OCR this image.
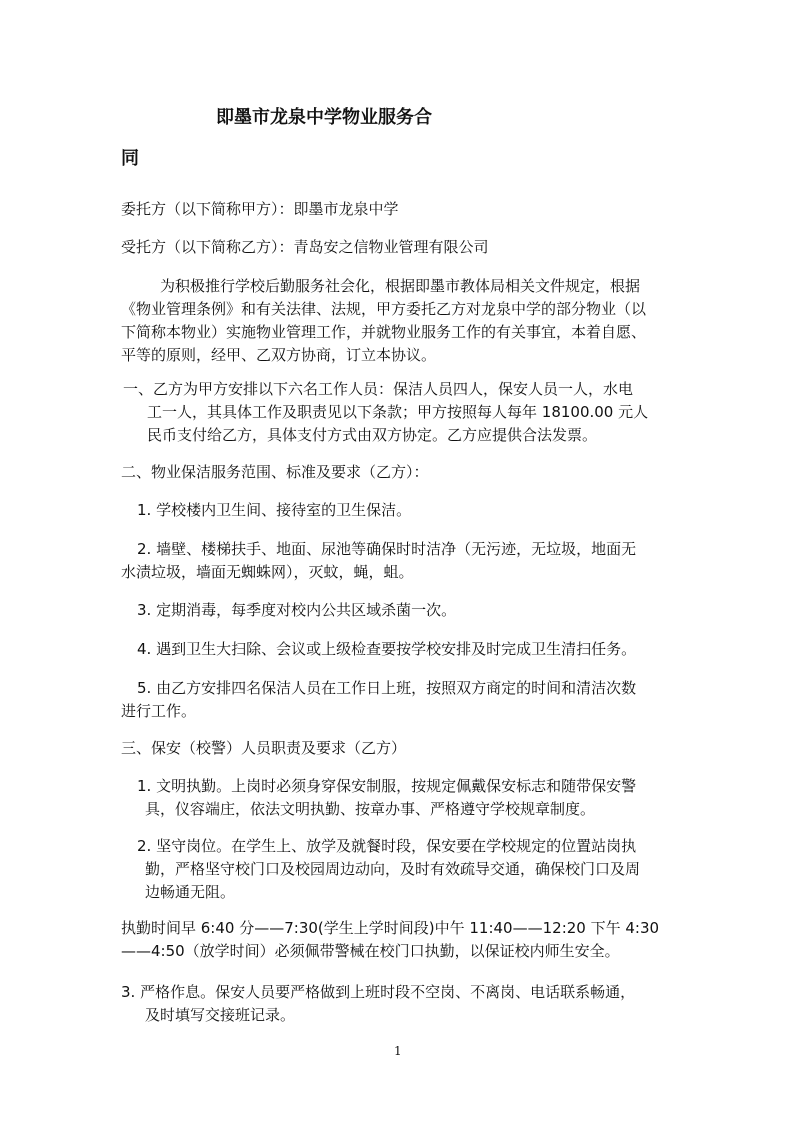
即墨市龙泉中学物业服务合
同
委托方（以下简称甲方）：即墨市龙泉中学
受托方（以下简称乙方）：青岛安之信物业管理有限公司
为积极推行学校后勤服务社会化，根据即墨市教体局相关文件规定，根据
《物业管理条例》和有关法律、法规，甲方委托乙方对龙泉中学的部分物业（以
下简称本物业）实施物业管理工作，并就物业服务工作的有关事宜，本着自愿、
平等的原则，经甲、乙双方协商，订立本协议。
一、乙方为甲方安排以下六名工作人员：保洁人员四人，保安人员一人，水电
工一人，其具体工作及职责见以下条款；甲方按照每人每年 18100.00 元人
民币支付给乙方，具体支付方式由双方协定。乙方应提供合法发票。
二、物业保洁服务范围、标准及要求（乙方）：
1. 学校楼内卫生间、接待室的卫生保洁。
2. 墙壁、楼梯扶手、地面、尿池等确保时时洁净（无污迹，无垃圾，地面无
水渍垃圾，墙面无蜘蛛网），灭蚊，蝇，蛆。
3. 定期消毒，每季度对校内公共区域杀菌一次。
4. 遇到卫生大扫除、会议或上级检查要按学校安排及时完成卫生清扫任务。
5. 由乙方安排四名保洁人员在工作日上班，按照双方商定的时间和清洁次数
进行工作。
三、保安（校警）人员职责及要求（乙方）
1. 文明执勤。上岗时必须身穿保安制服，按规定佩戴保安标志和随带保安警
具，仪容端庄，依法文明执勤、按章办事、严格遵守学校规章制度。
2. 坚守岗位。在学生上、放学及就餐时段，保安要在学校规定的位置站岗执
勤，严格坚守校门口及校园周边动向，及时有效疏导交通，确保校门口及周
边畅通无阻。
执勤时间早 6:40 分——7:30(学生上学时间段)中午 11:40——12:20 下午 4:30
——4:50（放学时间）必须佩带警械在校门口执勤，以保证校内师生安全。
3. 严格作息。保安人员要严格做到上班时段不空岗、不离岗、电话联系畅通，
及时填写交接班记录。
1
